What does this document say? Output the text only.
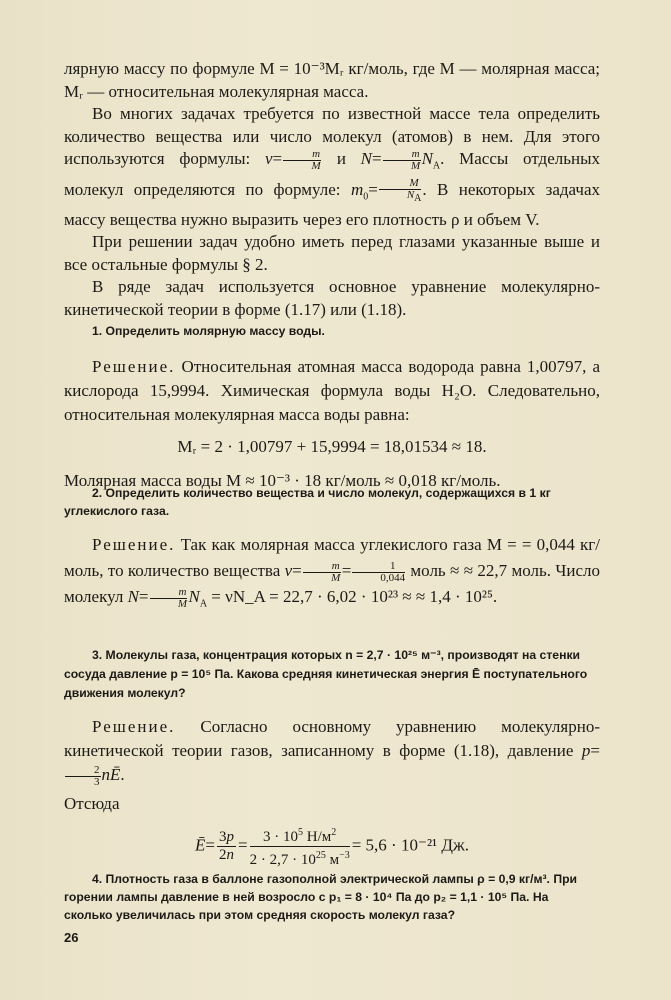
лярную массу по формуле M = 10⁻³Mᵣ кг/моль, где M — молярная масса; Mᵣ — относительная молекулярная масса.

Во многих задачах требуется по известной массе тела определить количество вещества или число молекул (атомов) в нем. Для этого используются формулы: $\nu= \frac{m}{M}$ и $N= \frac{m}{M} N_A$. Массы отдельных молекул определяются по формуле: $m_0= \frac{M}{N_A}$ . В некоторых задачах массу вещества нужно выразить через его плотность ρ и объем V.

При решении задач удобно иметь перед глазами указанные выше и все остальные формулы § 2.

В ряде задач используется основное уравнение молекулярно-кинетической теории в форме (1.17) или (1.18).

1. Определить молярную массу воды.

Решение. Относительная атомная масса водорода равна 1,00797, а кислорода 15,9994. Химическая формула воды H₂O. Следовательно, относительная молекулярная масса воды равна:

Mᵣ = 2 · 1,00797 + 15,9994 = 18,01534 ≈ 18.

Молярная масса воды M ≈ 10⁻³ · 18 кг/моль ≈ 0,018 кг/моль.

2. Определить количество вещества и число молекул, содержащихся в 1 кг углекислого газа.

Решение. Так как молярная масса углекислого газа M = = 0,044 кг/моль, то количество вещества $\nu= \frac{m}{M} = \frac{1}{0,044}$ моль ≈ ≈ 22,7 моль. Число молекул $N= \frac{m}{M} N_A$ = νN_A = 22,7 · 6,02 · 10²³ ≈ ≈ 1,4 · 10²⁵.

3. Молекулы газа, концентрация которых n = 2,7 · 10²⁵ м⁻³, производят на стенки сосуда давление p = 10⁵ Па. Какова средняя кинетическая энергия Ē поступательного движения молекул?

Решение. Согласно основному уравнению молекулярно-кинетической теории газов, записанному в форме (1.18), давление p=
$\frac{2}{3}$ nĒ.

Отсюда

Ē= $\frac{3p}{2n}$ =	$3 \cdot 10^5$ $Н/м^2$
$2 \cdot 2,7 \cdot 10^{25}$ $м^{-3}$
= 5,6 · 10⁻²¹ Дж.

4. Плотность газа в баллоне газополной электрической лампы ρ = 0,9 кг/м³. При горении лампы давление в ней возросло с p₁ = 8 · 10⁴ Па до p₂ = 1,1 · 10⁵ Па. На сколько увеличилась при этом средняя скорость молекул газа?

26
